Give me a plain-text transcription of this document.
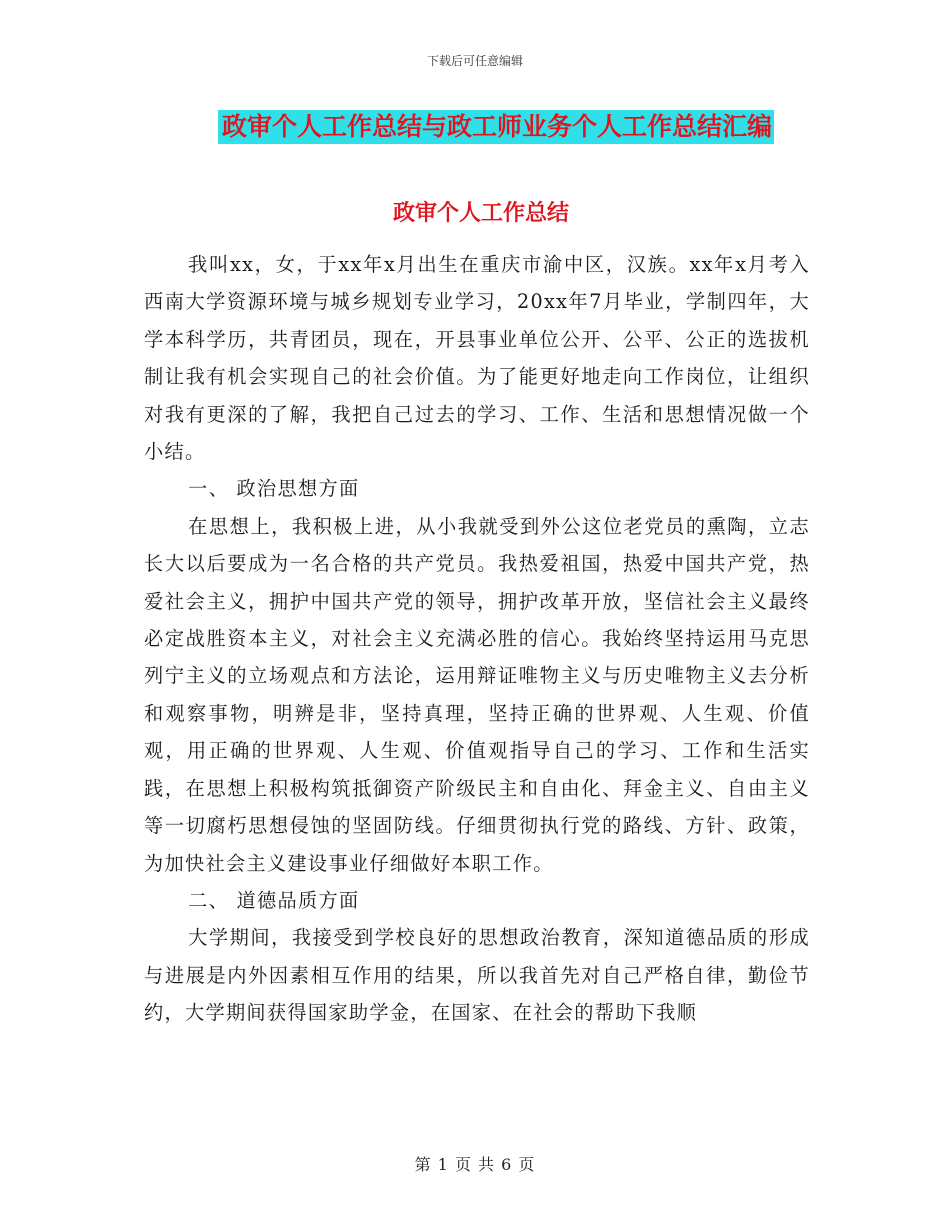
下载后可任意编辑
政审个人工作总结与政工师业务个人工作总结汇编
政审个人工作总结

我叫xx，女，于xx年x月出生在重庆市渝中区，汉族。xx年x月考入西南大学资源环境与城乡规划专业学习，20xx年7月毕业，学制四年，大学本科学历，共青团员，现在，开县事业单位公开、公平、公正的选拔机制让我有机会实现自己的社会价值。为了能更好地走向工作岗位，让组织对我有更深的了解，我把自己过去的学习、工作、生活和思想情况做一个小结。

一、 政治思想方面

在思想上，我积极上进，从小我就受到外公这位老党员的熏陶，立志长大以后要成为一名合格的共产党员。我热爱祖国，热爱中国共产党，热爱社会主义，拥护中国共产党的领导，拥护改革开放，坚信社会主义最终必定战胜资本主义，对社会主义充满必胜的信心。我始终坚持运用马克思列宁主义的立场观点和方法论，运用辩证唯物主义与历史唯物主义去分析和观察事物，明辨是非，坚持真理，坚持正确的世界观、人生观、价值观，用正确的世界观、人生观、价值观指导自己的学习、工作和生活实践，在思想上积极构筑抵御资产阶级民主和自由化、拜金主义、自由主义等一切腐朽思想侵蚀的坚固防线。仔细贯彻执行党的路线、方针、政策，为加快社会主义建设事业仔细做好本职工作。

二、 道德品质方面

大学期间，我接受到学校良好的思想政治教育，深知道德品质的形成与进展是内外因素相互作用的结果，所以我首先对自己严格自律，勤俭节约，大学期间获得国家助学金，在国家、在社会的帮助下我顺

第 1 页 共 6 页
